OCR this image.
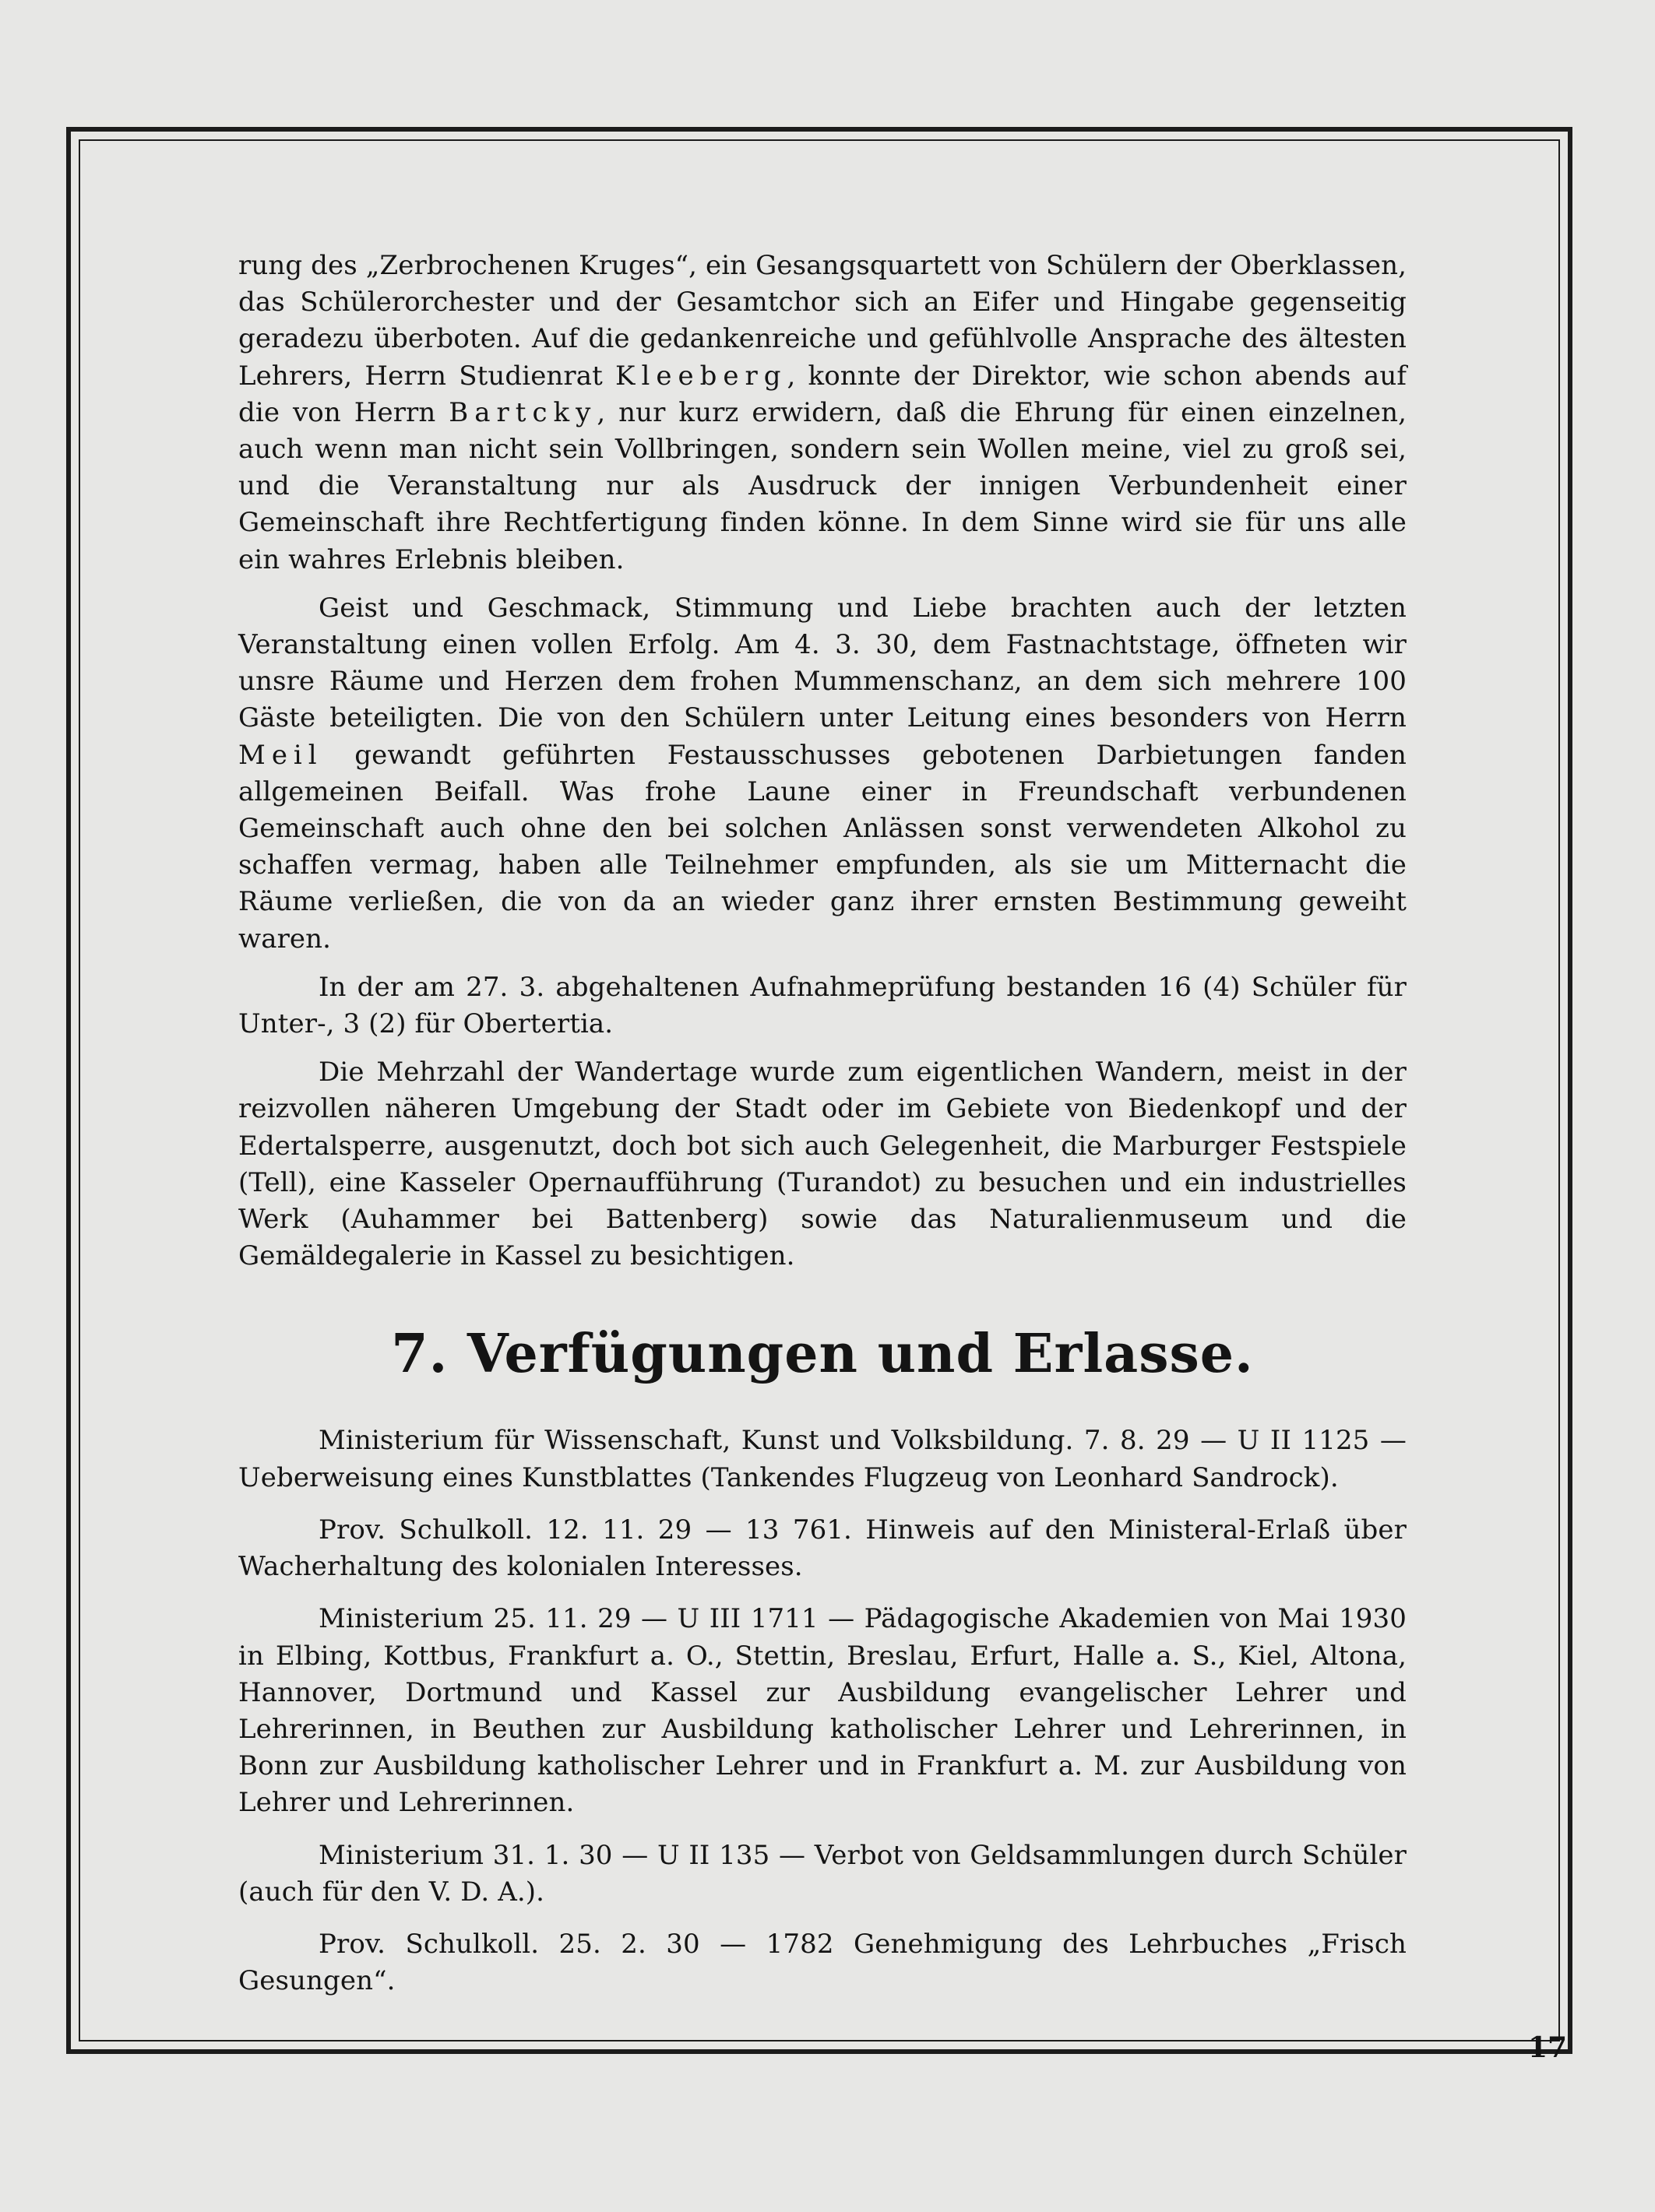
rung des „Zerbrochenen Kruges“, ein Gesangsquartett von Schülern der Oberklassen, das Schülerorchester und der Gesamtchor sich an Eifer und Hingabe gegenseitig geradezu überboten. Auf die gedankenreiche und gefühlvolle Ansprache des ältesten Lehrers, Herrn Studienrat Kleeberg, konnte der Direktor, wie schon abends auf die von Herrn Bartcky, nur kurz erwidern, daß die Ehrung für einen einzelnen, auch wenn man nicht sein Vollbringen, sondern sein Wollen meine, viel zu groß sei, und die Veranstaltung nur als Ausdruck der innigen Verbundenheit einer Gemeinschaft ihre Rechtfertigung finden könne. In dem Sinne wird sie für uns alle ein wahres Erlebnis bleiben.

Geist und Geschmack, Stimmung und Liebe brachten auch der letzten Veranstaltung einen vollen Erfolg. Am 4. 3. 30, dem Fastnachtstage, öffneten wir unsre Räume und Herzen dem frohen Mummenschanz, an dem sich mehrere 100 Gäste beteiligten. Die von den Schülern unter Leitung eines besonders von Herrn Meil gewandt geführten Festausschusses gebotenen Darbietungen fanden allgemeinen Beifall. Was frohe Laune einer in Freundschaft verbundenen Gemeinschaft auch ohne den bei solchen Anlässen sonst verwendeten Alkohol zu schaffen vermag, haben alle Teilnehmer empfunden, als sie um Mitternacht die Räume verließen, die von da an wieder ganz ihrer ernsten Bestimmung geweiht waren.

In der am 27. 3. abgehaltenen Aufnahmeprüfung bestanden 16 (4) Schüler für Unter-, 3 (2) für Obertertia.

Die Mehrzahl der Wandertage wurde zum eigentlichen Wandern, meist in der reizvollen näheren Umgebung der Stadt oder im Gebiete von Biedenkopf und der Edertalsperre, ausgenutzt, doch bot sich auch Gelegenheit, die Marburger Festspiele (Tell), eine Kasseler Opernaufführung (Turandot) zu besuchen und ein industrielles Werk (Auhammer bei Battenberg) sowie das Naturalienmuseum und die Gemäldegalerie in Kassel zu besichtigen.

7. Verfügungen und Erlasse.

Ministerium für Wissenschaft, Kunst und Volksbildung. 7. 8. 29 — U II 1125 — Ueberweisung eines Kunstblattes (Tankendes Flugzeug von Leonhard Sandrock).

Prov. Schulkoll. 12. 11. 29 — 13 761. Hinweis auf den Ministeral-Erlaß über Wacherhaltung des kolonialen Interesses.

Ministerium 25. 11. 29 — U III 1711 — Pädagogische Akademien von Mai 1930 in Elbing, Kottbus, Frankfurt a. O., Stettin, Breslau, Erfurt, Halle a. S., Kiel, Altona, Hannover, Dortmund und Kassel zur Ausbildung evangelischer Lehrer und Lehrerinnen, in Beuthen zur Ausbildung katholischer Lehrer und Lehrerinnen, in Bonn zur Ausbildung katholischer Lehrer und in Frankfurt a. M. zur Ausbildung von Lehrer und Lehrerinnen.

Ministerium 31. 1. 30 — U II 135 — Verbot von Geldsammlungen durch Schüler (auch für den V. D. A.).

Prov. Schulkoll. 25. 2. 30 — 1782 Genehmigung des Lehrbuches „Frisch Gesungen“.

17
